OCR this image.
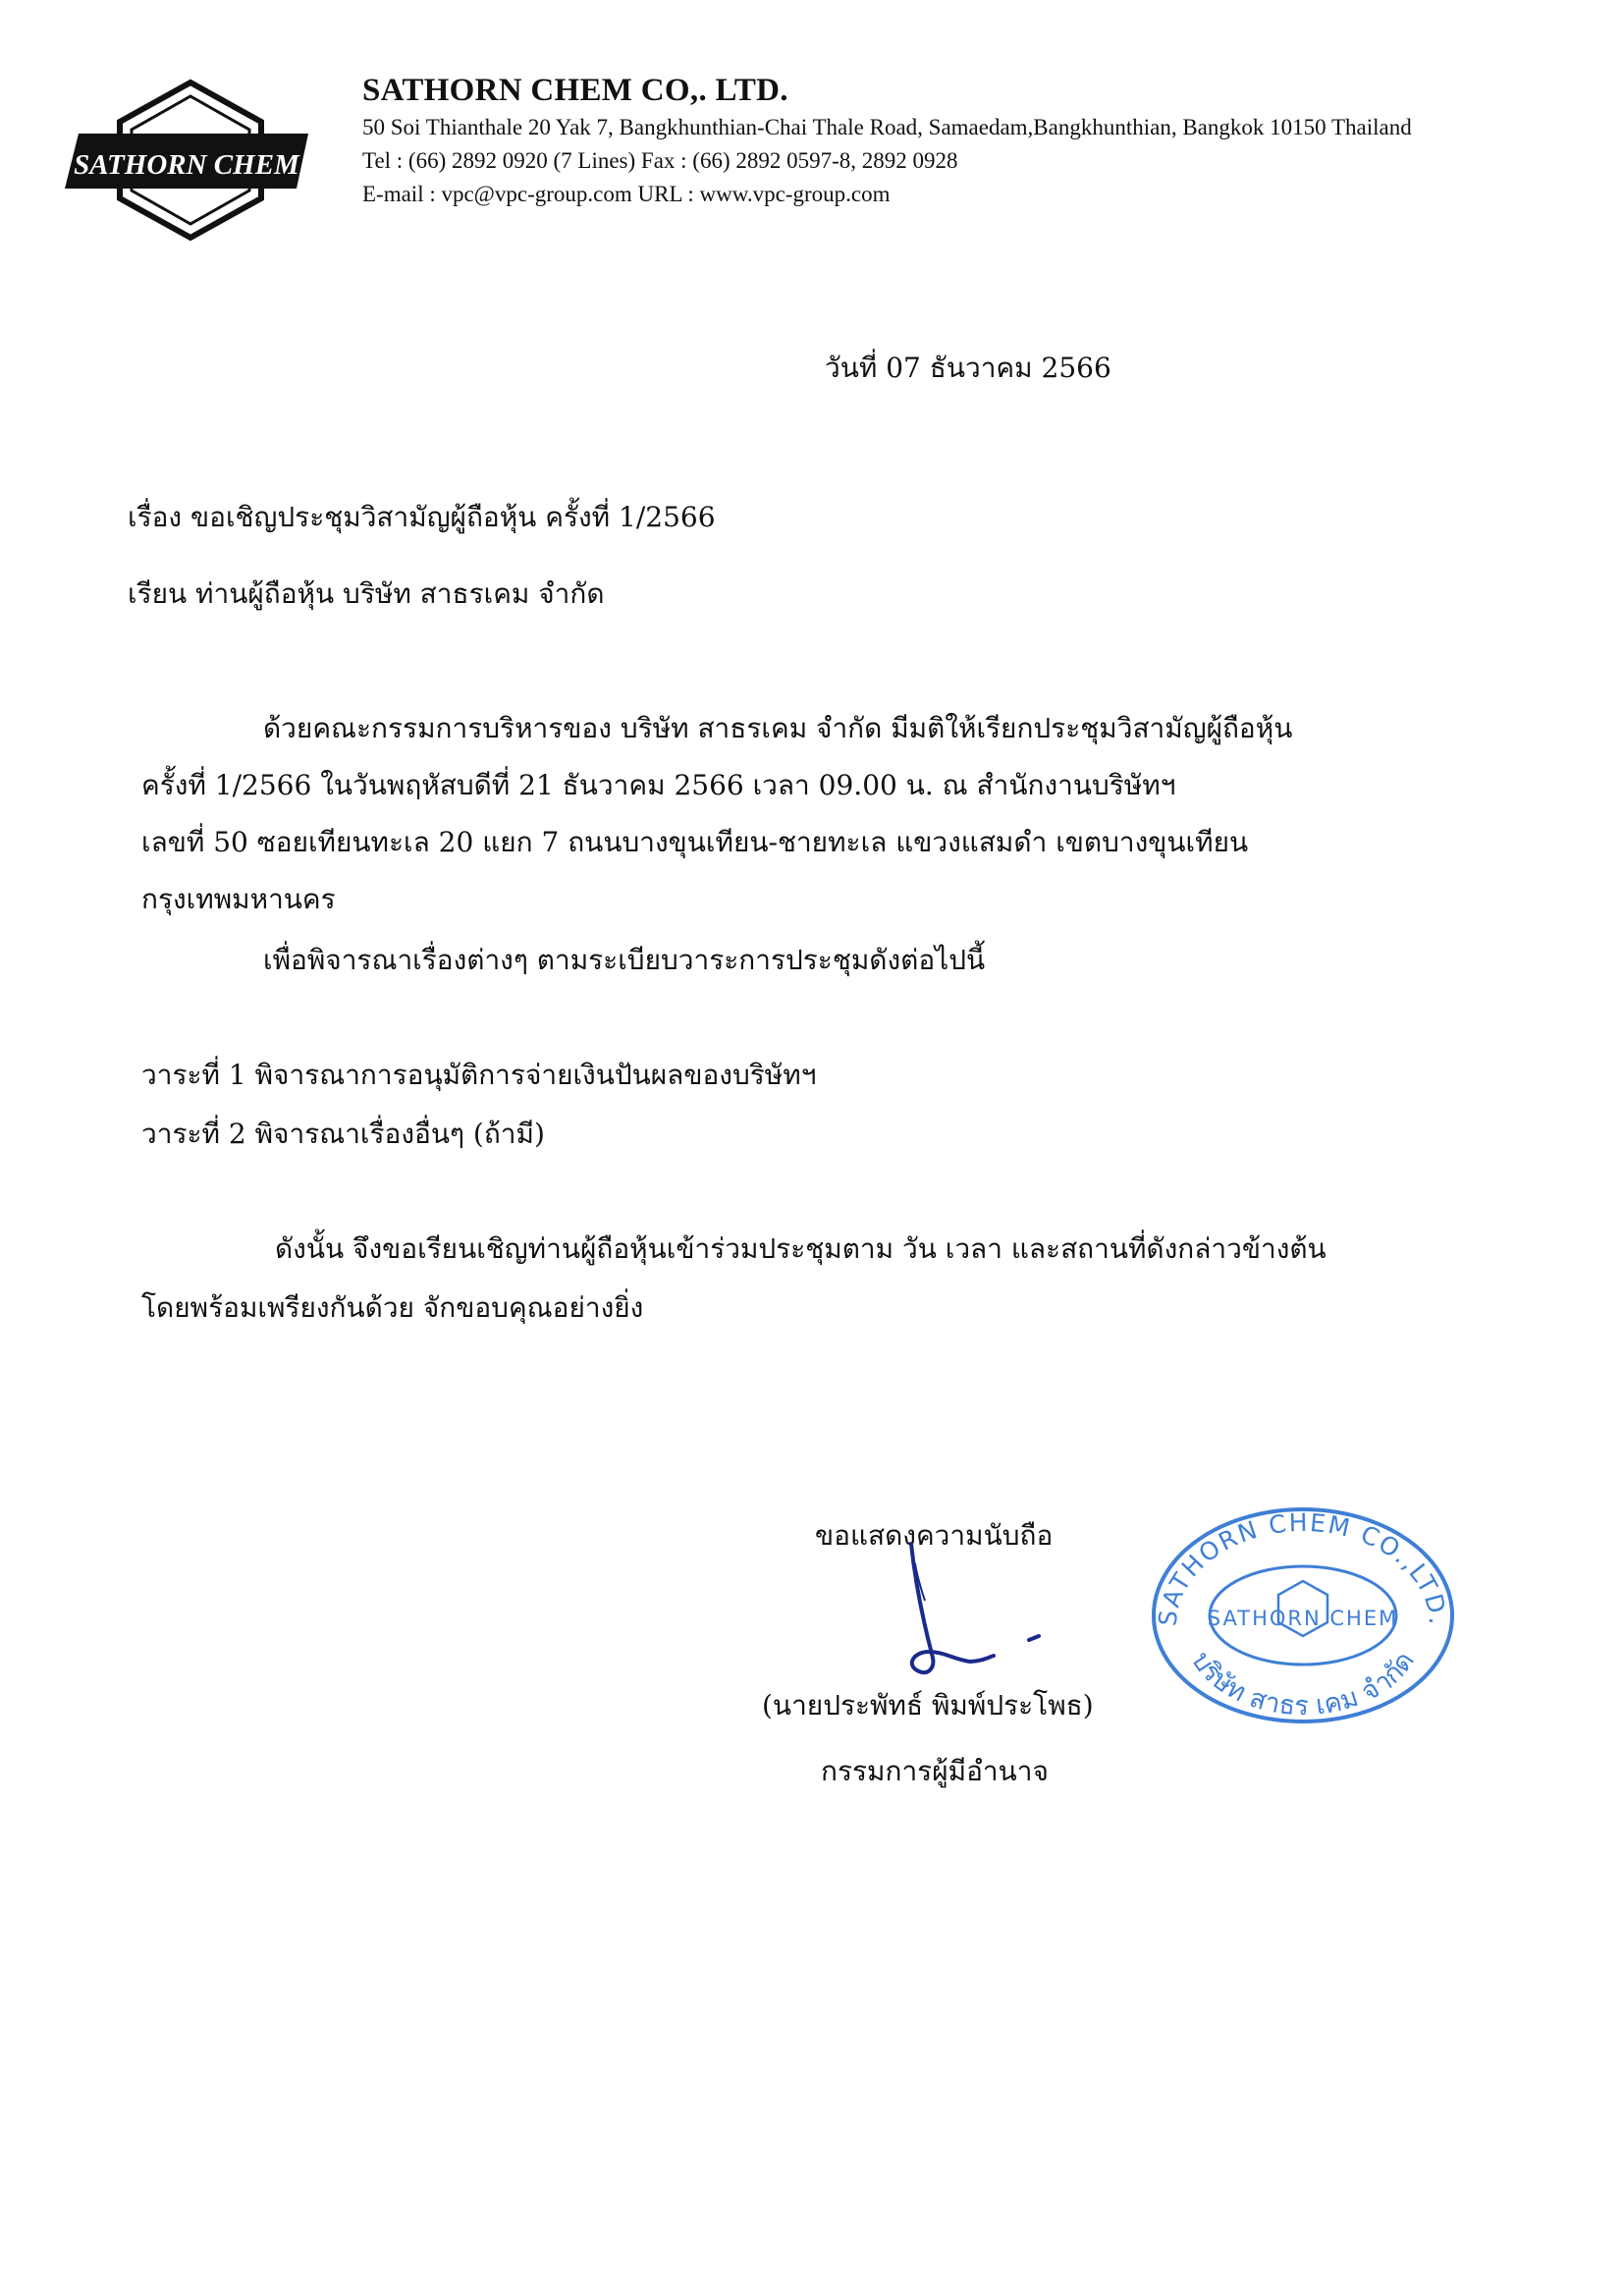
SATHORN CHEM
SATHORN CHEM CO,. LTD.
50 Soi Thianthale 20 Yak 7, Bangkhunthian-Chai Thale Road, Samaedam,Bangkhunthian, Bangkok 10150 Thailand
Tel : (66) 2892 0920 (7 Lines) Fax : (66) 2892 0597-8, 2892 0928
E-mail : vpc@vpc-group.com URL : www.vpc-group.com
วันที่ 07 ธันวาคม 2566
เรื่อง ขอเชิญประชุมวิสามัญผู้ถือหุ้น ครั้งที่ 1/2566
เรียน ท่านผู้ถือหุ้น บริษัท สาธรเคม จำกัด
ด้วยคณะกรรมการบริหารของ บริษัท สาธรเคม จำกัด มีมติให้เรียกประชุมวิสามัญผู้ถือหุ้น
ครั้งที่ 1/2566 ในวันพฤหัสบดีที่ 21 ธันวาคม 2566 เวลา 09.00 น. ณ สำนักงานบริษัทฯ
เลขที่ 50 ซอยเทียนทะเล 20 แยก 7 ถนนบางขุนเทียน-ชายทะเล แขวงแสมดำ เขตบางขุนเทียน
กรุงเทพมหานคร
เพื่อพิจารณาเรื่องต่างๆ ตามระเบียบวาระการประชุมดังต่อไปนี้
วาระที่ 1 พิจารณาการอนุมัติการจ่ายเงินปันผลของบริษัทฯ
วาระที่ 2 พิจารณาเรื่องอื่นๆ (ถ้ามี)
ดังนั้น จึงขอเรียนเชิญท่านผู้ถือหุ้นเข้าร่วมประชุมตาม วัน เวลา และสถานที่ดังกล่าวข้างต้น
โดยพร้อมเพรียงกันด้วย จักขอบคุณอย่างยิ่ง
ขอแสดงความนับถือ
(นายประพัทธ์ พิมพ์ประโพธ)
กรรมการผู้มีอำนาจ
SATHORN CHEM CO.,LTD.
SATHORN CHEM
บริษัท สาธร เคม จำกัด
